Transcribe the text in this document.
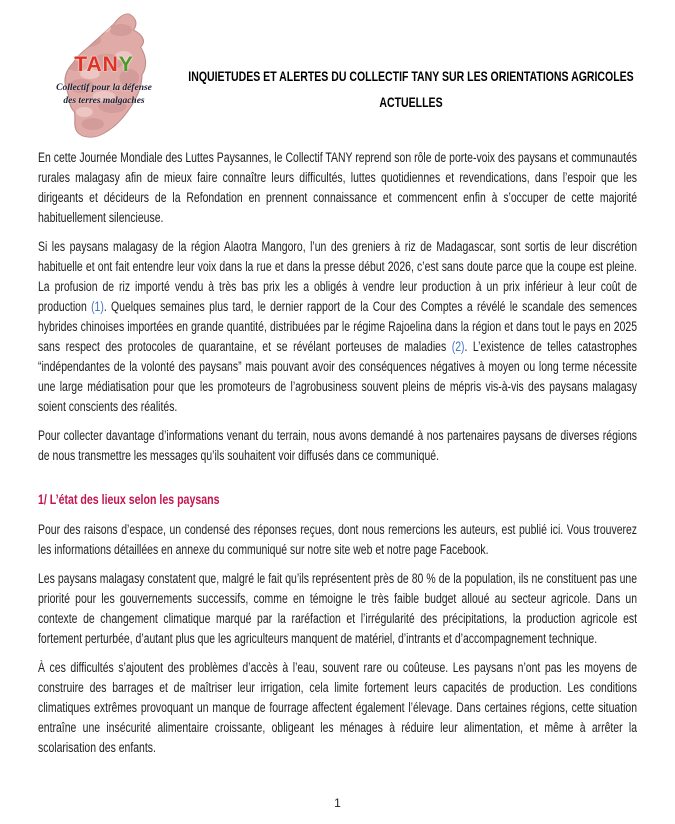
TANY
Collectif pour la défense
des terres malgaches
INQUIETUDES ET ALERTES DU COLLECTIF TANY SUR LES ORIENTATIONS AGRICOLES
ACTUELLES

En cette Journée Mondiale des Luttes Paysannes, le Collectif TANY reprend son rôle de porte-voix des paysans et communautés rurales malagasy afin de mieux faire connaître leurs difficultés, luttes quotidiennes et revendications, dans l’espoir que les dirigeants et décideurs de la Refondation en prennent connaissance et commencent enfin à s’occuper de cette majorité habituellement silencieuse.

Si les paysans malagasy de la région Alaotra Mangoro, l’un des greniers à riz de Madagascar, sont sortis de leur discrétion habituelle et ont fait entendre leur voix dans la rue et dans la presse début 2026, c’est sans doute parce que la coupe est pleine. La profusion de riz importé vendu à très bas prix les a obligés à vendre leur production à un prix inférieur à leur coût de production (1). Quelques semaines plus tard, le dernier rapport de la Cour des Comptes a révélé le scandale des semences hybrides chinoises importées en grande quantité, distribuées par le régime Rajoelina dans la région et dans tout le pays en 2025 sans respect des protocoles de quarantaine, et se révélant porteuses de maladies (2). L’existence de telles catastrophes “indépendantes de la volonté des paysans” mais pouvant avoir des conséquences négatives à moyen ou long terme nécessite une large médiatisation pour que les promoteurs de l’agrobusiness souvent pleins de mépris vis-à-vis des paysans malagasy soient conscients des réalités.

Pour collecter davantage d’informations venant du terrain, nous avons demandé à nos partenaires paysans de diverses régions de nous transmettre les messages qu’ils souhaitent voir diffusés dans ce communiqué.

1/ L’état des lieux selon les paysans

Pour des raisons d’espace, un condensé des réponses reçues, dont nous remercions les auteurs, est publié ici. Vous trouverez les informations détaillées en annexe du communiqué sur notre site web et notre page Facebook.

Les paysans malagasy constatent que, malgré le fait qu’ils représentent près de 80 % de la population, ils ne constituent pas une priorité pour les gouvernements successifs, comme en témoigne le très faible budget alloué au secteur agricole. Dans un contexte de changement climatique marqué par la raréfaction et l’irrégularité des précipitations, la production agricole est fortement perturbée, d’autant plus que les agriculteurs manquent de matériel, d’intrants et d’accompagnement technique.

À ces difficultés s’ajoutent des problèmes d’accès à l’eau, souvent rare ou coûteuse. Les paysans n’ont pas les moyens de construire des barrages et de maîtriser leur irrigation, cela limite fortement leurs capacités de production. Les conditions climatiques extrêmes provoquant un manque de fourrage affectent également l’élevage. Dans certaines régions, cette situation entraîne une insécurité alimentaire croissante, obligeant les ménages à réduire leur alimentation, et même à arrêter la scolarisation des enfants.

1
